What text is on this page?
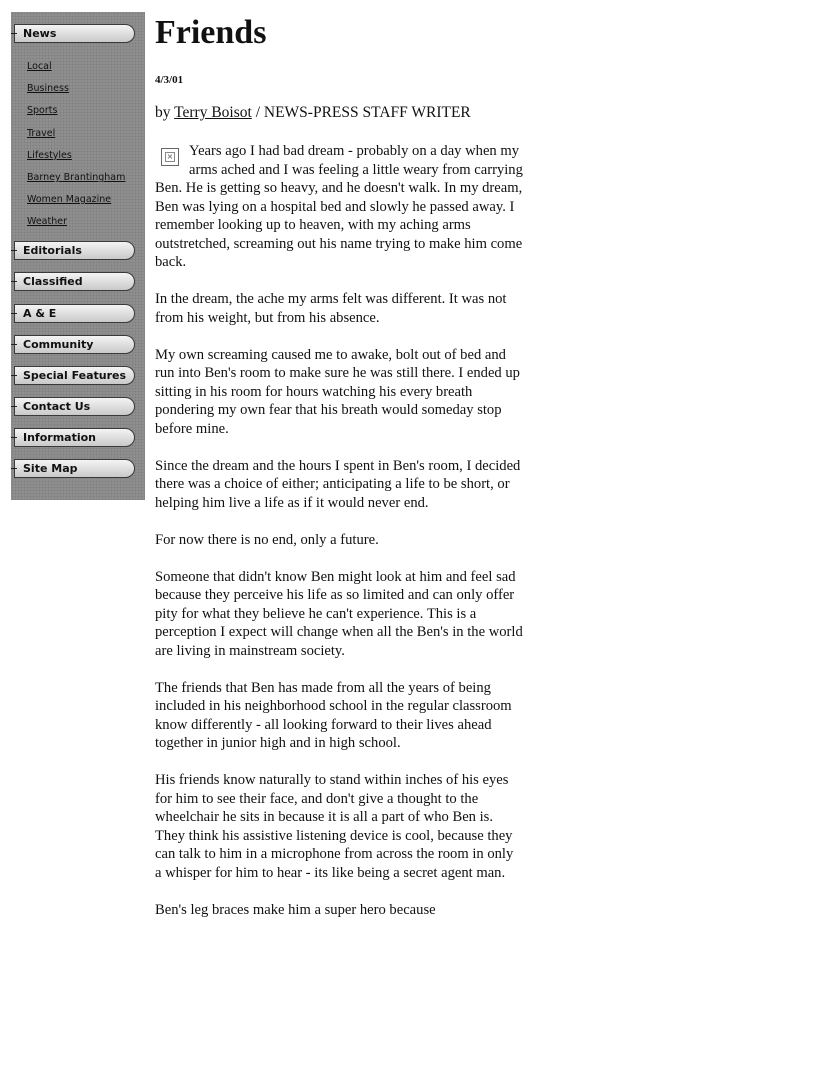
News
Local
Business
Sports
Travel
Lifestyles
Barney Brantingham
Women Magazine
Weather
Editorials
Classified
A & E
Community
Special Features
Contact Us
Information
Site Map
Friends
4/3/01
by Terry Boisot / NEWS-PRESS STAFF WRITER

× Years ago I had bad dream - probably on a day when my arms ached and I was feeling a little weary from carrying Ben. He is getting so heavy, and he doesn't walk. In my dream, Ben was lying on a hospital bed and slowly he passed away. I remember looking up to heaven, with my aching arms outstretched, screaming out his name trying to make him come back.

In the dream, the ache my arms felt was different. It was not from his weight, but from his absence.

My own screaming caused me to awake, bolt out of bed and run into Ben's room to make sure he was still there. I ended up sitting in his room for hours watching his every breath pondering my own fear that his breath would someday stop before mine.

Since the dream and the hours I spent in Ben's room, I decided there was a choice of either; anticipating a life to be short, or helping him live a life as if it would never end.

For now there is no end, only a future.

Someone that didn't know Ben might look at him and feel sad because they perceive his life as so limited and can only offer pity for what they believe he can't experience. This is a perception I expect will change when all the Ben's in the world are living in mainstream society.

The friends that Ben has made from all the years of being included in his neighborhood school in the regular classroom know differently - all looking forward to their lives ahead together in junior high and in high school.

His friends know naturally to stand within inches of his eyes for him to see their face, and don't give a thought to the wheelchair he sits in because it is all a part of who Ben is. They think his assistive listening device is cool, because they can talk to him in a microphone from across the room in only a whisper for him to hear - its like being a secret agent man.

Ben's leg braces make him a super hero because
